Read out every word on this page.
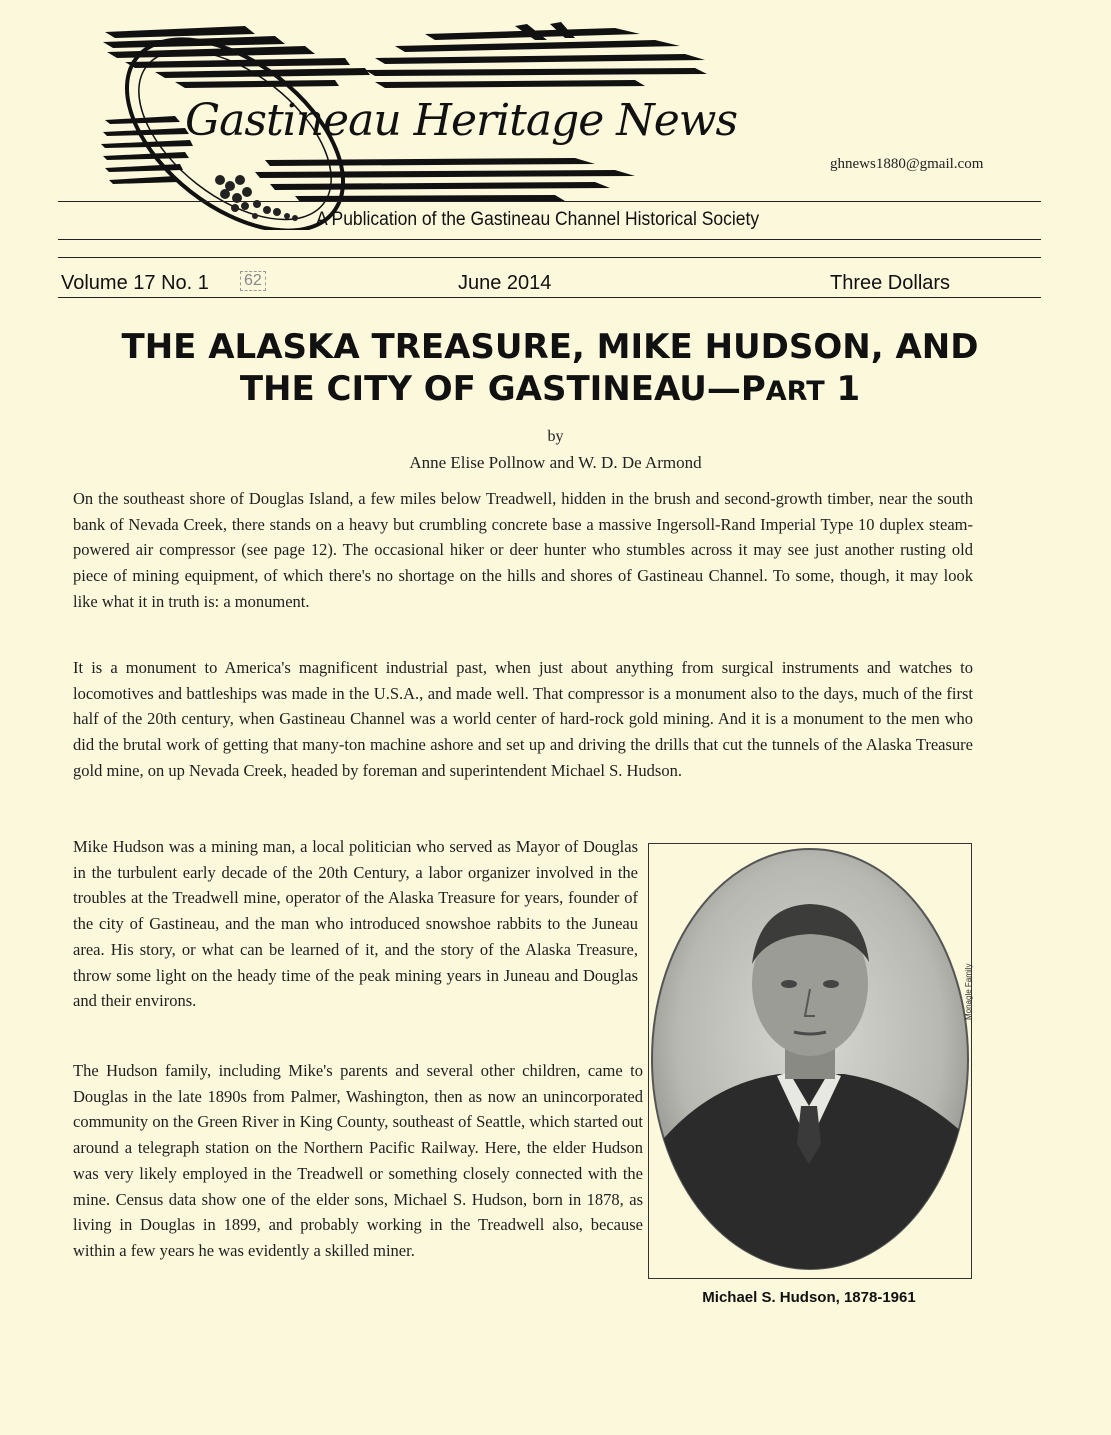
Gastineau Heritage News
ghnews1880@gmail.com
A Publication of the Gastineau Channel Historical Society
Volume 17 No. 1 62	June 2014	Three Dollars
THE ALASKA TREASURE, MIKE HUDSON, AND
THE CITY OF GASTINEAU—PART 1
by
Anne Elise Pollnow and W. D. De Armond
On the southeast shore of Douglas Island, a few miles below Treadwell, hidden in the brush and second-growth timber, near the south bank of Nevada Creek, there stands on a heavy but crumbling concrete base a massive Ingersoll-Rand Imperial Type 10 duplex steam-powered air compressor (see page 12). The occasional hiker or deer hunter who stumbles across it may see just another rusting old piece of mining equipment, of which there's no shortage on the hills and shores of Gastineau Channel. To some, though, it may look like what it in truth is: a monument.
It is a monument to America's magnificent industrial past, when just about anything from surgical instruments and watches to locomotives and battleships was made in the U.S.A., and made well. That compressor is a monument also to the days, much of the first half of the 20th century, when Gastineau Channel was a world center of hard-rock gold mining. And it is a monument to the men who did the brutal work of getting that many-ton machine ashore and set up and driving the drills that cut the tunnels of the Alaska Treasure gold mine, on up Nevada Creek, headed by foreman and superintendent Michael S. Hudson.
Mike Hudson was a mining man, a local politician who served as Mayor of Douglas in the turbulent early decade of the 20th Century, a labor organizer involved in the troubles at the Treadwell mine, operator of the Alaska Treasure for years, founder of the city of Gastineau, and the man who introduced snowshoe rabbits to the Juneau area. His story, or what can be learned of it, and the story of the Alaska Treasure, throw some light on the heady time of the peak mining years in Juneau and Douglas and their environs.
The Hudson family, including Mike's parents and several other children, came to Douglas in the late 1890s from Palmer, Washington, then as now an unincorporated community on the Green River in King County, southeast of Seattle, which started out around a telegraph station on the Northern Pacific Railway. Here, the elder Hudson was very likely employed in the Treadwell or something closely connected with the mine. Census data show one of the elder sons, Michael S. Hudson, born in 1878, as living in Douglas in 1899, and probably working in the Treadwell also, because within a few years he was evidently a skilled miner.
Monagle Family
Michael S. Hudson, 1878-1961
